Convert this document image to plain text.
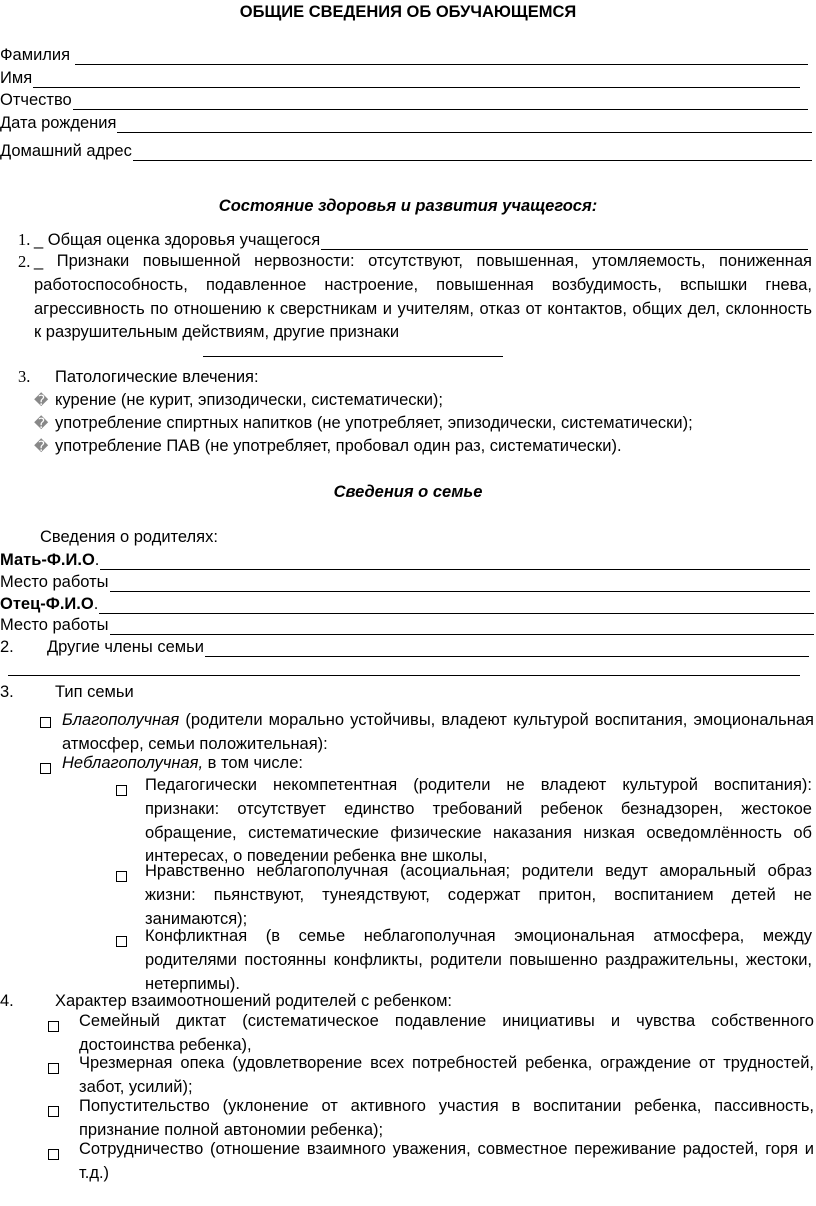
ОБЩИЕ СВЕДЕНИЯ ОБ ОБУЧАЮЩЕМСЯ
Фамилия
Имя
Отчество
Дата рождения
Домашний адрес
Состояние здоровья и развития учащегося:
1. _ Общая оценка здоровья учащегося
2. _ Признаки повышенной нервозности: отсутствуют, повышенная, утомляемость, пониженная работоспособность, подавленное настроение, повышенная возбудимость, вспышки гнева, агрессивность по отношению к сверстникам и учителям, отказ от контактов, общих дел, склонность к разрушительным действиям, другие признаки
3. Патологические влечения:
� курение (не курит, эпизодически, систематически);
� употребление спиртных напитков (не употребляет, эпизодически, систематически);
� употребление ПАВ (не употребляет, пробовал один раз, систематически).
Сведения о семье
Сведения о родителях:
Мать-Ф.И.О .
Место работы
Отец-Ф.И.О .
Место работы
2. Другие члены семьи
3. Тип семьи
Благополучная (родители морально устойчивы, владеют культурой воспитания, эмоциональная атмосфер, семьи положительная):
Неблагополучная, в том числе:
Педагогически некомпетентная (родители не владеют культурой воспитания): признаки: отсутствует единство требований ребенок безнадзорен, жестокое обращение, систематические физические наказания низкая осведомлённость об интересах, о поведении ребенка вне школы,
Нравственно неблагополучная (асоциальная; родители ведут аморальный образ жизни: пьянствуют, тунеядствуют, содержат притон, воспитанием детей не занимаются);
Конфликтная (в семье неблагополучная эмоциональная атмосфера, между родителями постоянны конфликты, родители повышенно раздражительны, жестоки, нетерпимы).
4. Характер взаимоотношений родителей с ребенком:
Семейный диктат (систематическое подавление инициативы и чувства собственного достоинства ребенка),
Чрезмерная опека (удовлетворение всех потребностей ребенка, ограждение от трудностей, забот, усилий);
Попустительство (уклонение от активного участия в воспитании ребенка, пассивность, признание полной автономии ребенка);
Сотрудничество (отношение взаимного уважения, совместное переживание радостей, горя и т.д.)
